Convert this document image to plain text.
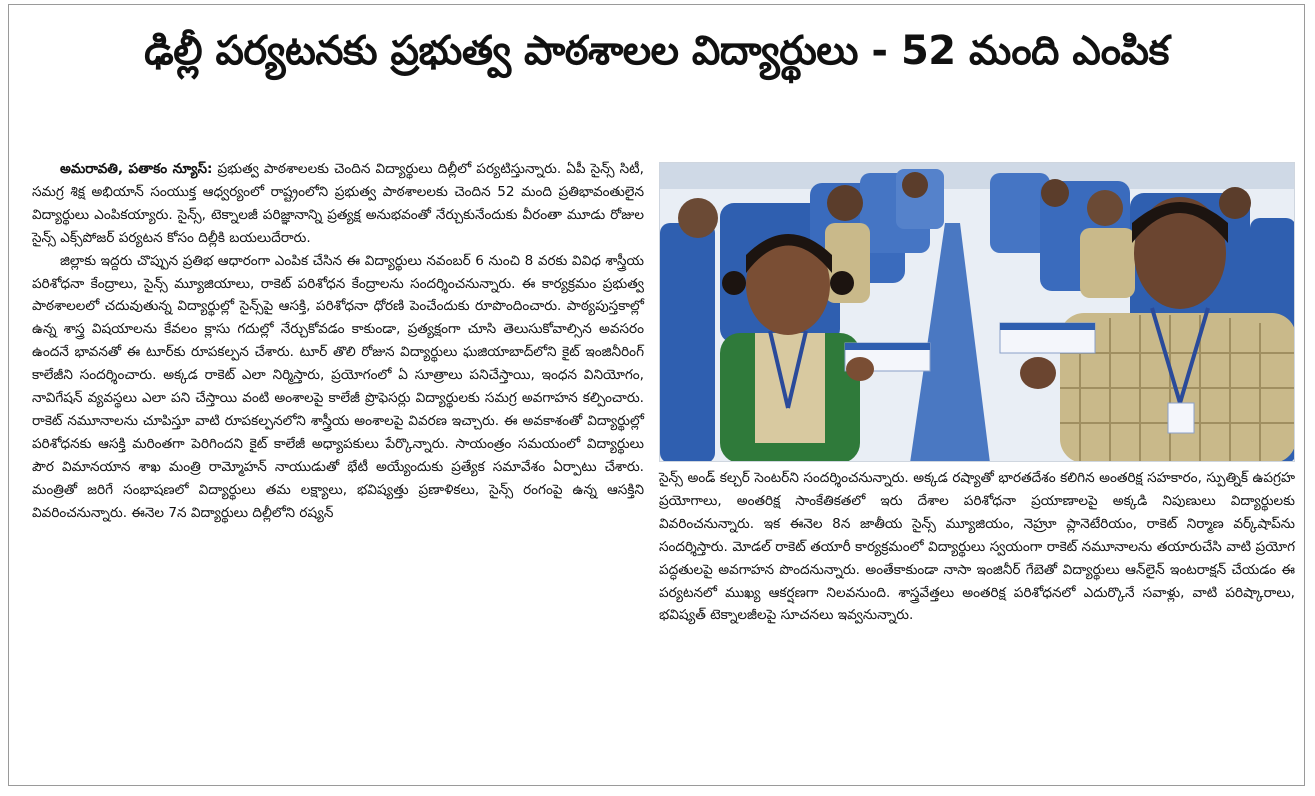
ఢిల్లీ పర్యటనకు ప్రభుత్వ పాఠశాలల విద్యార్థులు - 52 మంది ఎంపిక

అమరావతి, పతాకం న్యూస్: ప్రభుత్వ పాఠశాలలకు చెందిన విద్యార్థులు దిల్లీలో పర్యటిస్తున్నారు. ఏపీ సైన్స్ సిటీ, సమగ్ర శిక్ష అభియాన్ సంయుక్త ఆధ్వర్యంలో రాష్ట్రంలోని ప్రభుత్వ పాఠశాలలకు చెందిన 52 మంది ప్రతిభావంతులైన విద్యార్థులు ఎంపికయ్యారు. సైన్స్, టెక్నాలజీ పరిజ్ఞానాన్ని ప్రత్యక్ష అనుభవంతో నేర్చుకునేందుకు వీరంతా మూడు రోజుల సైన్స్ ఎక్స్‌పోజర్ పర్యటన కోసం దిల్లీకి బయలుదేరారు.

జిల్లాకు ఇద్దరు చొప్పున ప్రతిభ ఆధారంగా ఎంపిక చేసిన ఈ విద్యార్థులు నవంబర్ 6 నుంచి 8 వరకు వివిధ శాస్త్రీయ పరిశోధనా కేంద్రాలు, సైన్స్ మ్యూజియాలు, రాకెట్ పరిశోధన కేంద్రాలను సందర్శించనున్నారు. ఈ కార్యక్రమం ప్రభుత్వ పాఠశాలలలో చదువుతున్న విద్యార్థుల్లో సైన్స్‌పై ఆసక్తి, పరిశోధనా ధోరణి పెంచేందుకు రూపొందించారు. పాఠ్యపుస్తకాల్లో ఉన్న శాస్త్ర విషయాలను కేవలం క్లాసు గదుల్లో నేర్చుకోవడం కాకుండా, ప్రత్యక్షంగా చూసి తెలుసుకోవాల్సిన అవసరం ఉందనే భావనతో ఈ టూర్‌కు రూపకల్పన చేశారు. టూర్ తొలి రోజున విద్యార్థులు ఘజియాబాద్‌లోని కైట్ ఇంజినీరింగ్ కాలేజీని సందర్శించారు. అక్కడ రాకెట్ ఎలా నిర్మిస్తారు, ప్రయోగంలో ఏ సూత్రాలు పనిచేస్తాయి, ఇంధన వినియోగం, నావిగేషన్ వ్యవస్థలు ఎలా పని చేస్తాయి వంటి అంశాలపై కాలేజీ ప్రొఫెసర్లు విద్యార్థులకు సమగ్ర అవగాహన కల్పించారు. రాకెట్ నమూనాలను చూపిస్తూ వాటి రూపకల్పనలోని శాస్త్రీయ అంశాలపై వివరణ ఇచ్చారు. ఈ అవకాశంతో విద్యార్థుల్లో పరిశోధనకు ఆసక్తి మరింతగా పెరిగిందని కైట్ కాలేజీ అధ్యాపకులు పేర్కొన్నారు. సాయంత్రం సమయంలో విద్యార్థులు పౌర విమానయాన శాఖ మంత్రి రామ్మోహన్ నాయుడుతో భేటీ అయ్యేందుకు ప్రత్యేక సమావేశం ఏర్పాటు చేశారు. మంత్రితో జరిగే సంభాషణలో విద్యార్థులు తమ లక్ష్యాలు, భవిష్యత్తు ప్రణాళికలు, సైన్స్ రంగంపై ఉన్న ఆసక్తిని వివరించనున్నారు. ఈనెల 7న విద్యార్థులు దిల్లీలోని రష్యన్

సైన్స్ అండ్ కల్చర్ సెంటర్‌ని సందర్శించనున్నారు. అక్కడ రష్యాతో భారతదేశం కలిగిన అంతరిక్ష సహకారం, స్పుత్నిక్ ఉపగ్రహ ప్రయోగాలు, అంతరిక్ష సాంకేతికతలో ఇరు దేశాల పరిశోధనా ప్రయాణాలపై అక్కడి నిపుణులు విద్యార్థులకు వివరించనున్నారు. ఇక ఈనెల 8న జాతీయ సైన్స్ మ్యూజియం, నెహ్రూ ప్లానెటేరియం, రాకెట్ నిర్మాణ వర్క్‌షాప్‌ను సందర్శిస్తారు. మోడల్ రాకెట్ తయారీ కార్యక్రమంలో విద్యార్థులు స్వయంగా రాకెట్ నమూనాలను తయారుచేసి వాటి ప్రయోగ పద్ధతులపై అవగాహన పొందనున్నారు. అంతేకాకుండా నాసా ఇంజినీర్ గేబెతో విద్యార్థులు ఆన్‌లైన్ ఇంటరాక్షన్ చేయడం ఈ పర్యటనలో ముఖ్య ఆకర్షణగా నిలవనుంది. శాస్త్రవేత్తలు అంతరిక్ష పరిశోధనలో ఎదుర్కొనే సవాళ్లు, వాటి పరిష్కారాలు, భవిష్యత్ టెక్నాలజీలపై సూచనలు ఇవ్వనున్నారు.
